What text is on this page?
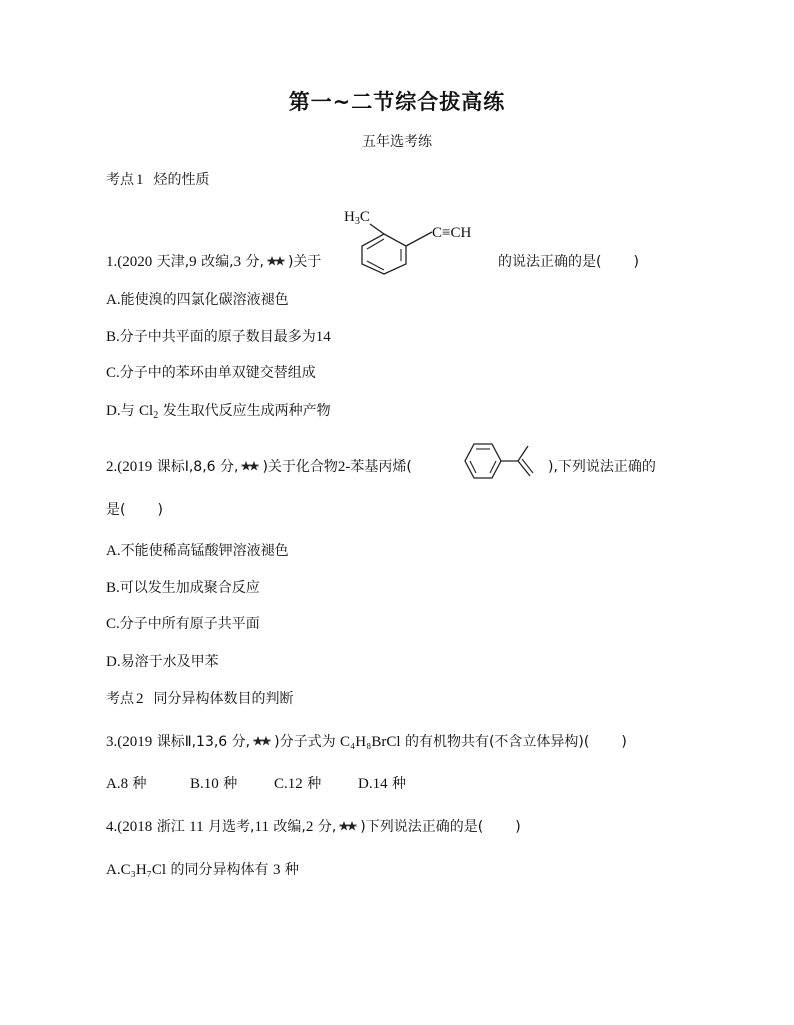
第一~二节综合拔高练
五年选考练
考点 1 烃的性质
1.(2020 天津,9 改编,3 分, )关于
$H_3C$
C≡CH
的说法正确的是( )
A.能使溴的四氯化碳溶液褪色
B.分子中共平面的原子数目最多为14
C.分子中的苯环由单双键交替组成
D.与 $Cl_2$ 发生取代反应生成两种产物
2.(2019 课标Ⅰ,8,6 分, )关于化合物2-苯基丙烯(	),下列说法正确的
是( )
A.不能使稀高锰酸钾溶液褪色
B.可以发生加成聚合反应
C.分子中所有原子共平面
D.易溶于水及甲苯
考点 2 同分异构体数目的判断
3.(2019 课标Ⅱ,13,6 分, )分子式为 C₄H₈BrCl 的有机物共有(不含立体异构)( )
A.8 种	B.10 种 C.12 种 D.14 种
4.(2018 浙江 11 月选考,11 改编,2 分, )下列说法正确的是( )
A.C₃H₇Cl 的同分异构体有 3 种
